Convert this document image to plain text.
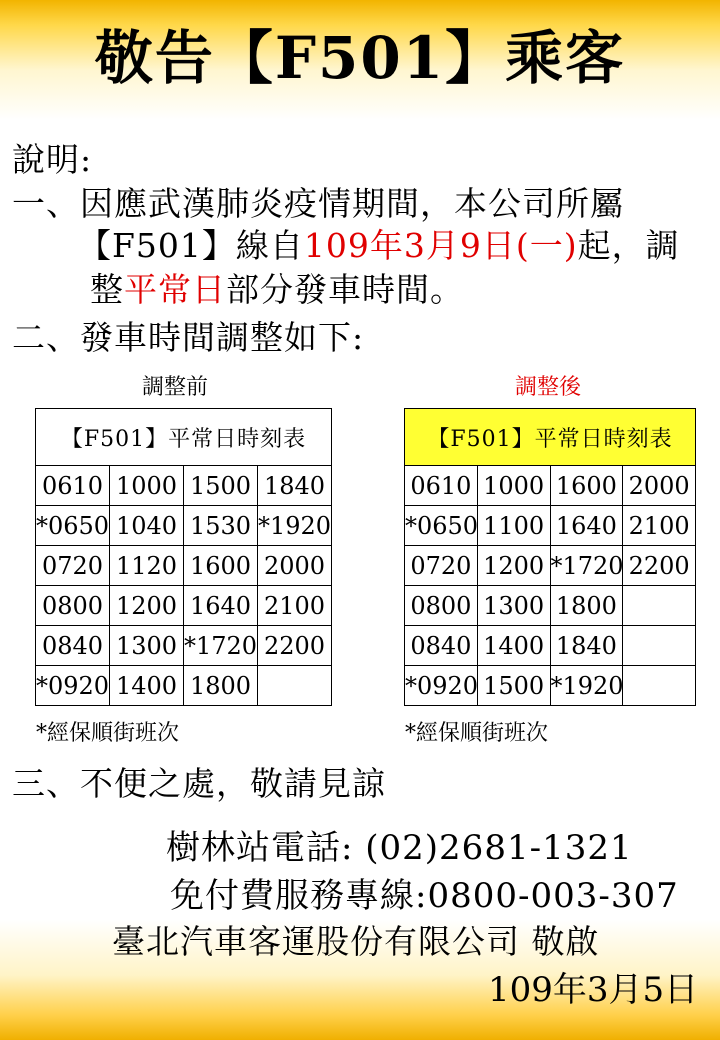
敬告【F501】乘客
說明:
一、因應武漢肺炎疫情期間，本公司所屬
【F501】線自109年3月9日(一)起，調
整平常日部分發車時間。
二、發車時間調整如下:
調整前	調整後
【F501】平常日時刻表			
0610	1000	1500	1840
*0650	1040	1530	*1920
0720	1120	1600	2000
0800	1200	1640	2100
0840	1300	*1720	2200
*0920	1400	1800	
【F501】平常日時刻表			
0610	1000	1600	2000
*0650	1100	1640	2100
0720	1200	*1720	2200
0800	1300	1800	
0840	1400	1840	
*0920	1500	*1920	
*經保順街班次	*經保順街班次
三、不便之處，敬請見諒
樹林站電話: (02)2681-1321
免付費服務專線:0800-003-307
臺北汽車客運股份有限公司 敬啟
109年3月5日
